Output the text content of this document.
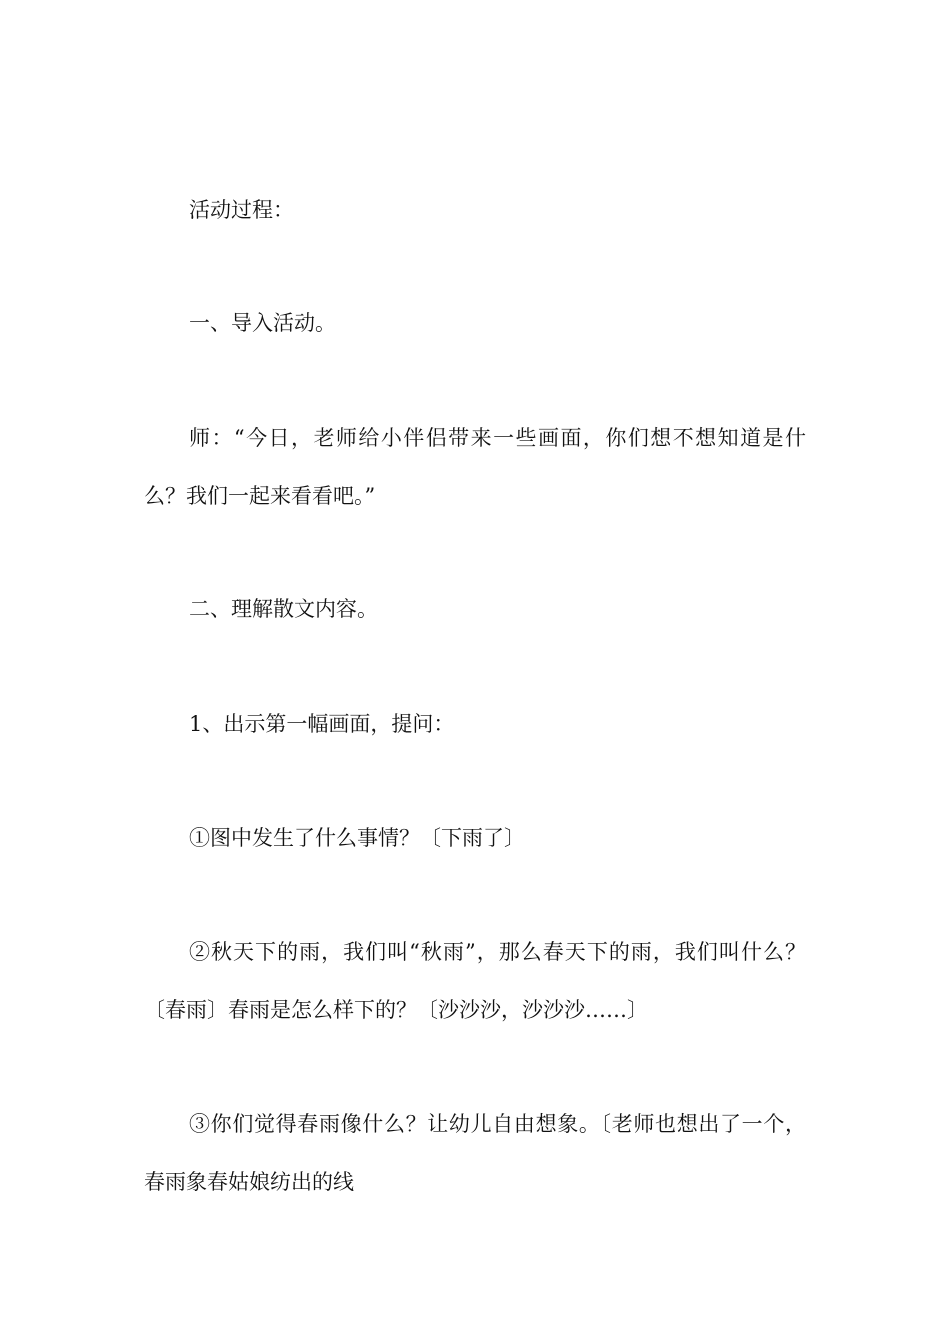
活动过程：

一、导入活动。

师：“今日，老师给小伴侣带来一些画面，你们想不想知道是什么？我们一起来看看吧。”

二、理解散文内容。

1、出示第一幅画面，提问：

①图中发生了什么事情？〔下雨了〕

②秋天下的雨，我们叫“秋雨”，那么春天下的雨，我们叫什么？〔春雨〕春雨是怎么样下的？〔沙沙沙，沙沙沙……〕

③你们觉得春雨像什么？让幼儿自由想象。〔老师也想出了一个，春雨象春姑娘纺出的线
